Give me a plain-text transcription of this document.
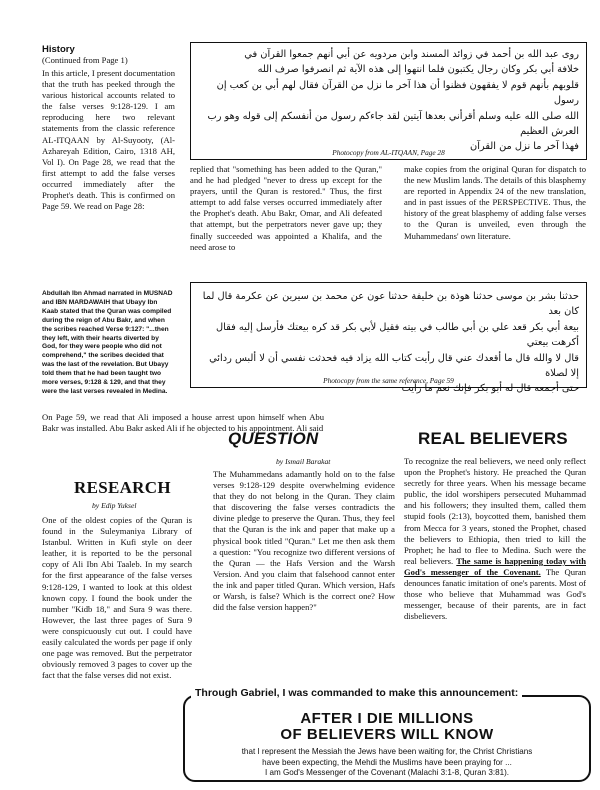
History
(Continued from Page 1)

In this article, I present documentation that the truth has peeked through the various historical accounts related to the false verses 9:128-129. I am reproducing here two relevant statements from the classic reference AL-ITQAAN by Al-Suyooty, (Al-Azhareyah Edition, Cairo, 1318 AH, Vol I). On Page 28, we read that the first attempt to add the false verses occurred immediately after the Prophet's death. This is confirmed on Page 59. We read on Page 28:

Abdullah Ibn Ahmad narrated in MUSNAD and IBN MARDAWAIH that Ubayy Ibn Kaab stated that the Quran was compiled during the reign of Abu Bakr, and when the scribes reached Verse 9:127: "...then they left, with their hearts diverted by God, for they were people who did not comprehend," the scribes decided that was the last of the revelation. But Ubayy told them that he had been taught two more verses, 9:128 & 129, and that they were the last verses revealed in Medina.

On Page 59, we read that Ali imposed a house arrest upon himself when Abu Bakr was installed. Abu Bakr asked Ali if he objected to his appointment. Ali said

روى عبد الله بن أحمد في زوائد المسند وابن مردويه عن أبي أنهم جمعوا القرآن في
خلافة أبي بكر وكان رجال يكتبون فلما انتهوا إلى هذه الآية ثم انصرفوا صرف الله
قلوبهم بأنهم قوم لا يفقهون فظنوا أن هذا آخر ما نزل من القرآن فقال لهم أبي بن كعب إن رسول
الله صلى الله عليه وسلم أقرأني بعدها آيتين لقد جاءكم رسول من أنفسكم إلى قوله وهو رب العرش العظيم
فهذا آخر ما نزل من القرآن
Photocopy from AL-ITQAAN, Page 28

replied that "something has been added to the Quran," and he had pledged "never to dress up except for the prayers, until the Quran is restored." Thus, the first attempt to add false verses occurred immediately after the Prophet's death. Abu Bakr, Omar, and Ali defeated that attempt, but the perpetrators never gave up; they finally succeeded was appointed a Khalifa, and the need arose to

make copies from the original Quran for dispatch to the new Muslim lands. The details of this blasphemy are reported in Appendix 24 of the new translation, and in past issues of the PERSPECTIVE. Thus, the history of the great blasphemy of adding false verses to the Quran is unveiled, even through the Muhammedans' own literature.

حدثنا بشر بن موسى حدثنا هوذة بن خليفة حدثنا عون عن محمد بن سيرين عن عكرمة قال لما كان بعد
بيعة أبي بكر قعد علي بن أبي طالب في بيته فقيل لأبي بكر قد كره بيعتك فأرسل إليه فقال أكرهت بيعتي
قال لا والله قال ما أقعدك عني قال رأيت كتاب الله يزاد فيه فحدثت نفسي أن لا ألبس ردائي إلا لصلاة
حتى أجمعه قال له أبو بكر فإنك نعم ما رأيت
Photocopy from the same reference, Page 59
QUESTION
by Ismail Barakat

The Muhammedans adamantly hold on to the false verses 9:128-129 despite overwhelming evidence that they do not belong in the Quran. They claim that discovering the false verses contradicts the divine pledge to preserve the Quran. Thus, they feel that the Quran is the ink and paper that make up a physical book titled "Quran." Let me then ask them a question: "You recognize two different versions of the Quran — the Hafs Version and the Warsh Version. And you claim that falsehood cannot enter the ink and paper titled Quran. Which version, Hafs or Warsh, is false? Which is the correct one? How did the false version happen?"

REAL BELIEVERS

To recognize the real believers, we need only reflect upon the Prophet's history. He preached the Quran secretly for three years. When his message became public, the idol worshipers persecuted Muhammad and his followers; they insulted them, called them stupid fools (2:13), boycotted them, banished them from Mecca for 3 years, stoned the Prophet, chased the believers to Ethiopia, then tried to kill the Prophet; he had to flee to Medina. Such were the real believers. The same is happening today with God's messenger of the Covenant. The Quran denounces fanatic imitation of one's parents. Most of those who believe that Muhammad was God's messenger, because of their parents, are in fact disbelievers.

RESEARCH
by Edip Yuksel

One of the oldest copies of the Quran is found in the Suleymaniya Library of Istanbul. Written in Kufi style on deer leather, it is reported to be the personal copy of Ali Ibn Abi Taaleb. In my search for the first appearance of the false verses 9:128-129, I wanted to look at this oldest known copy. I found the book under the number "Kidb 18," and Sura 9 was there. However, the last three pages of Sura 9 were conspicuously cut out. I could have easily calculated the words per page if only one page was removed. But the perpetrator obviously removed 3 pages to cover up the fact that the false verses did not exist.

Through Gabriel, I was commanded to make this announcement:
AFTER I DIE MILLIONS
OF BELIEVERS WILL KNOW
that I represent the Messiah the Jews have been waiting for, the Christ Christians
have been expecting, the Mehdi the Muslims have been praying for ...
I am God's Messenger of the Covenant (Malachi 3:1-8, Quran 3:81).
